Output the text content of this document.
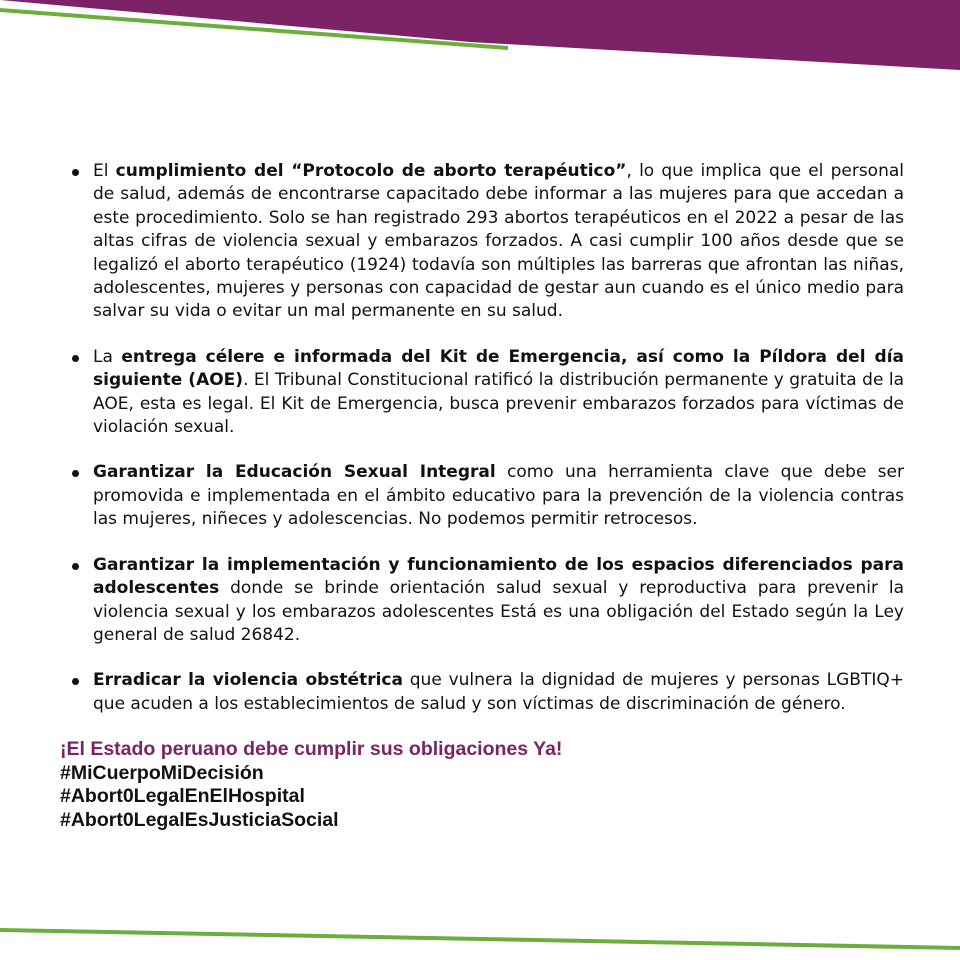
El cumplimiento del “Protocolo de aborto terapéutico”, lo que implica que el personal de salud, además de encontrarse capacitado debe informar a las mujeres para que accedan a este procedimiento. Solo se han registrado 293 abortos terapéuticos en el 2022 a pesar de las altas cifras de violencia sexual y embarazos forzados. A casi cumplir 100 años desde que se legalizó el aborto terapéutico (1924) todavía son múltiples las barreras que afrontan las niñas, adolescentes, mujeres y personas con capacidad de gestar aun cuando es el único medio para salvar su vida o evitar un mal permanente en su salud.
La entrega célere e informada del Kit de Emergencia, así como la Píldora del día siguiente (AOE). El Tribunal Constitucional ratificó la distribución permanente y gratuita de la AOE, esta es legal. El Kit de Emergencia, busca prevenir embarazos forzados para víctimas de violación sexual.
Garantizar la Educación Sexual Integral como una herramienta clave que debe ser promovida e implementada en el ámbito educativo para la prevención de la violencia contras las mujeres, niñeces y adolescencias. No podemos permitir retrocesos.
Garantizar la implementación y funcionamiento de los espacios diferenciados para adolescentes donde se brinde orientación salud sexual y reproductiva para prevenir la violencia sexual y los embarazos adolescentes Está es una obligación del Estado según la Ley general de salud 26842.
Erradicar la violencia obstétrica que vulnera la dignidad de mujeres y personas LGBTIQ+ que acuden a los establecimientos de salud y son víctimas de discriminación de género.
¡El Estado peruano debe cumplir sus obligaciones Ya!
#MiCuerpoMiDecisión
#Abort0LegalEnElHospital
#Abort0LegalEsJusticiaSocial
